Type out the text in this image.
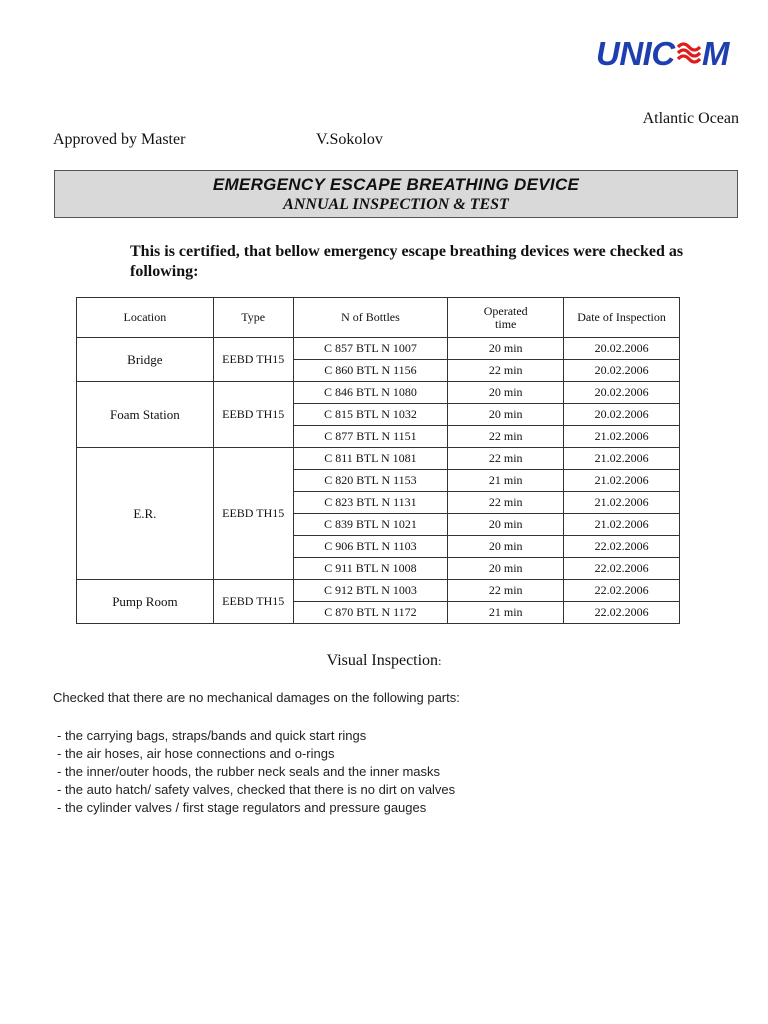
UNIC M
Atlantic Ocean
Approved by Master	V.Sokolov
EMERGENCY ESCAPE BREATHING DEVICE
ANNUAL INSPECTION & TEST
This is certified, that bellow emergency escape breathing devices were checked as following:
Location	Type	N of Bottles	Operated time	Date of Inspection
Bridge	EEBD TH15	C 857 BTL N 1007	20 min	20.02.2006
		C 860 BTL N 1156	22 min	20.02.2006
Foam Station	EEBD TH15	C 846 BTL N 1080	20 min	20.02.2006
		C 815 BTL N 1032	20 min	20.02.2006
		C 877 BTL N 1151	22 min	21.02.2006
E.R.	EEBD TH15	C 811 BTL N 1081	22 min	21.02.2006
		C 820 BTL N 1153	21 min	21.02.2006
		C 823 BTL N 1131	22 min	21.02.2006
		C 839 BTL N 1021	20 min	21.02.2006
		C 906 BTL N 1103	20 min	22.02.2006
		C 911 BTL N 1008	20 min	22.02.2006
Pump Room	EEBD TH15	C 912 BTL N 1003	22 min	22.02.2006
		C 870 BTL N 1172	21 min	22.02.2006
Visual Inspection:
Checked that there are no mechanical damages on the following parts:
- the carrying bags, straps/bands and quick start rings
- the air hoses, air hose connections and o-rings
- the inner/outer hoods, the rubber neck seals and the inner masks
- the auto hatch/ safety valves, checked that there is no dirt on valves
- the cylinder valves / first stage regulators and pressure gauges
